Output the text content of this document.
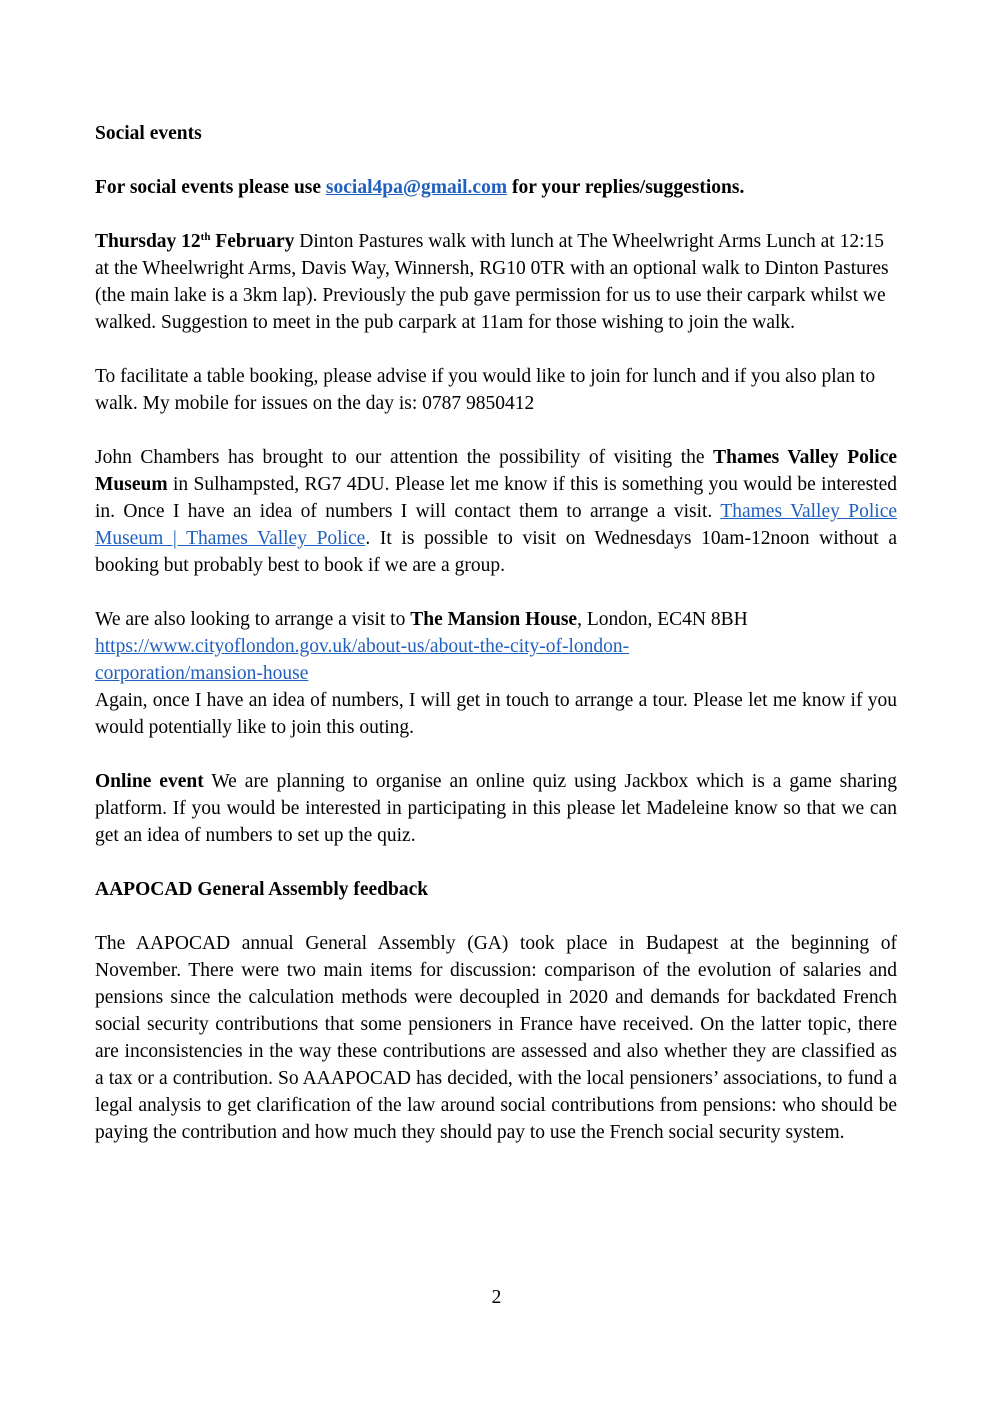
Social events

For social events please use social4pa@gmail.com for your replies/suggestions.

Thursday 12th February Dinton Pastures walk with lunch at The Wheelwright Arms Lunch at 12:15 at the Wheelwright Arms, Davis Way, Winnersh, RG10 0TR with an optional walk to Dinton Pastures (the main lake is a 3km lap). Previously the pub gave permission for us to use their carpark whilst we walked. Suggestion to meet in the pub carpark at 11am for those wishing to join the walk.

To facilitate a table booking, please advise if you would like to join for lunch and if you also plan to walk. My mobile for issues on the day is: 0787 9850412

John Chambers has brought to our attention the possibility of visiting the Thames Valley Police Museum in Sulhampsted, RG7 4DU. Please let me know if this is something you would be interested in. Once I have an idea of numbers I will contact them to arrange a visit. Thames Valley Police Museum | Thames Valley Police. It is possible to visit on Wednesdays 10am-12noon without a booking but probably best to book if we are a group.

We are also looking to arrange a visit to The Mansion House, London, EC4N 8BH
https://www.cityoflondon.gov.uk/about-us/about-the-city-of-london-
corporation/mansion-house
Again, once I have an idea of numbers, I will get in touch to arrange a tour. Please let me know if you would potentially like to join this outing.

Online event We are planning to organise an online quiz using Jackbox which is a game sharing platform. If you would be interested in participating in this please let Madeleine know so that we can get an idea of numbers to set up the quiz.

AAPOCAD General Assembly feedback

The AAPOCAD annual General Assembly (GA) took place in Budapest at the beginning of November. There were two main items for discussion: comparison of the evolution of salaries and pensions since the calculation methods were decoupled in 2020 and demands for backdated French social security contributions that some pensioners in France have received. On the latter topic, there are inconsistencies in the way these contributions are assessed and also whether they are classified as a tax or a contribution. So AAAPOCAD has decided, with the local pensioners’ associations, to fund a legal analysis to get clarification of the law around social contributions from pensions: who should be paying the contribution and how much they should pay to use the French social security system.

2
